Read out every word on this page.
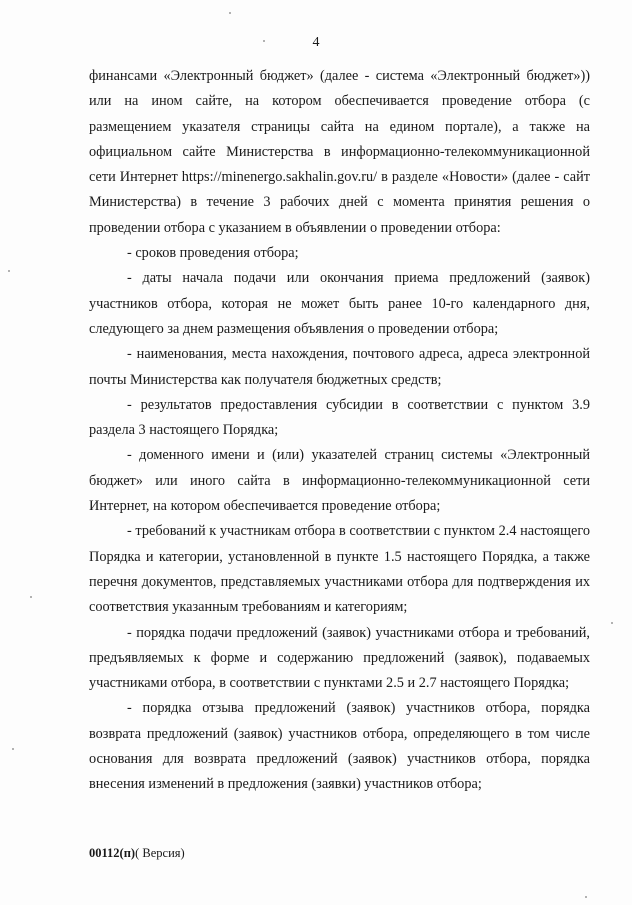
4

финансами «Электронный бюджет» (далее - система «Электронный бюджет»)) или на ином сайте, на котором обеспечивается проведение отбора (с размещением указателя страницы сайта на едином портале), а также на официальном сайте Министерства в информационно-телекоммуникационной сети Интернет https://minenergo.sakhalin.gov.ru/ в разделе «Новости» (далее - сайт Министерства) в течение 3 рабочих дней с момента принятия решения о проведении отбора с указанием в объявлении о проведении отбора:

- сроков проведения отбора;

- даты начала подачи или окончания приема предложений (заявок) участников отбора, которая не может быть ранее 10-го календарного дня, следующего за днем размещения объявления о проведении отбора;

- наименования, места нахождения, почтового адреса, адреса электронной почты Министерства как получателя бюджетных средств;

- результатов предоставления субсидии в соответствии с пунктом 3.9 раздела 3 настоящего Порядка;

- доменного имени и (или) указателей страниц системы «Электронный бюджет» или иного сайта в информационно-телекоммуникационной сети Интернет, на котором обеспечивается проведение отбора;

- требований к участникам отбора в соответствии с пунктом 2.4 настоящего Порядка и категории, установленной в пункте 1.5 настоящего Порядка, а также перечня документов, представляемых участниками отбора для подтверждения их соответствия указанным требованиям и категориям;

- порядка подачи предложений (заявок) участниками отбора и требований, предъявляемых к форме и содержанию предложений (заявок), подаваемых участниками отбора, в соответствии с пунктами 2.5 и 2.7 настоящего Порядка;

- порядка отзыва предложений (заявок) участников отбора, порядка возврата предложений (заявок) участников отбора, определяющего в том числе основания для возврата предложений (заявок) участников отбора, порядка внесения изменений в предложения (заявки) участников отбора;

00112(п)( Версия)
